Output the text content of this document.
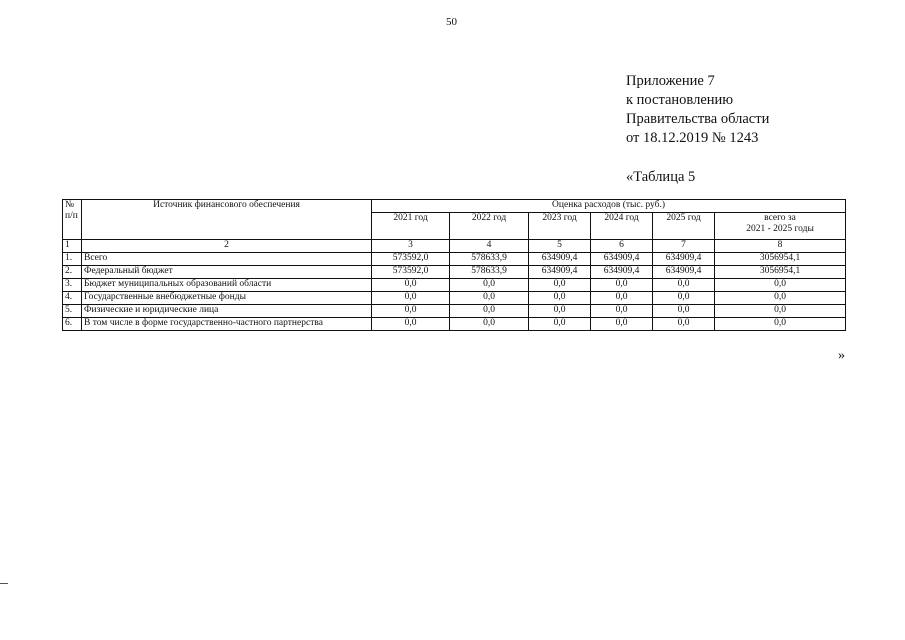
50
Приложение 7
к постановлению
Правительства области
от 18.12.2019 № 1243
«Таблица 5
№ п/п	Источник финансового обеспечения	Оценка расходов (тыс. руб.)					
		2021 год	2022 год	2023 год	2024 год	2025 год	всего за
2021 - 2025 годы

1	2	3	4	5	6	7	8
1.	Всего	573592,0	578633,9	634909,4	634909,4	634909,4	3056954,1
2.	Федеральный бюджет	573592,0	578633,9	634909,4	634909,4	634909,4	3056954,1
3.	Бюджет муниципальных образований области	0,0	0,0	0,0	0,0	0,0	0,0
4.	Государственные внебюджетные фонды	0,0	0,0	0,0	0,0	0,0	0,0
5.	Физические и юридические лица	0,0	0,0	0,0	0,0	0,0	0,0
6.	В том числе в форме государственно-частного партнерства	0,0	0,0	0,0	0,0	0,0	0,0
»
